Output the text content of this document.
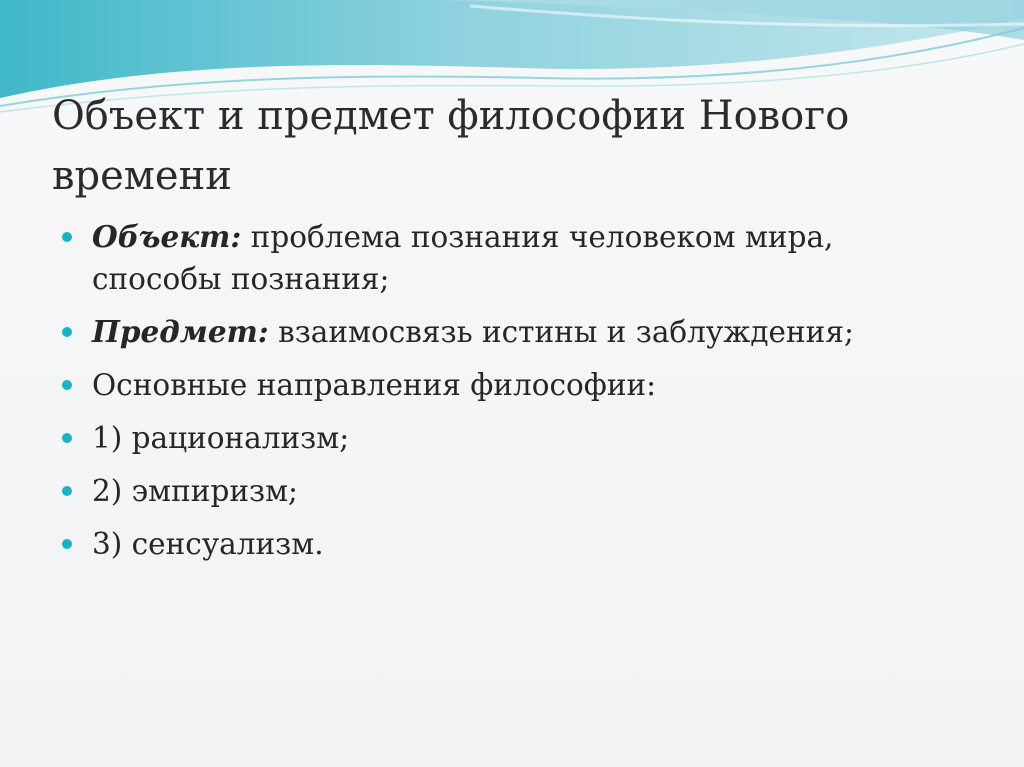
Объект и предмет философии Нового времени
Объект: проблема познания человеком мира, способы познания;
Предмет: взаимосвязь истины и заблуждения;
Основные направления философии:
1) рационализм;
2) эмпиризм;
3) сенсуализм.
